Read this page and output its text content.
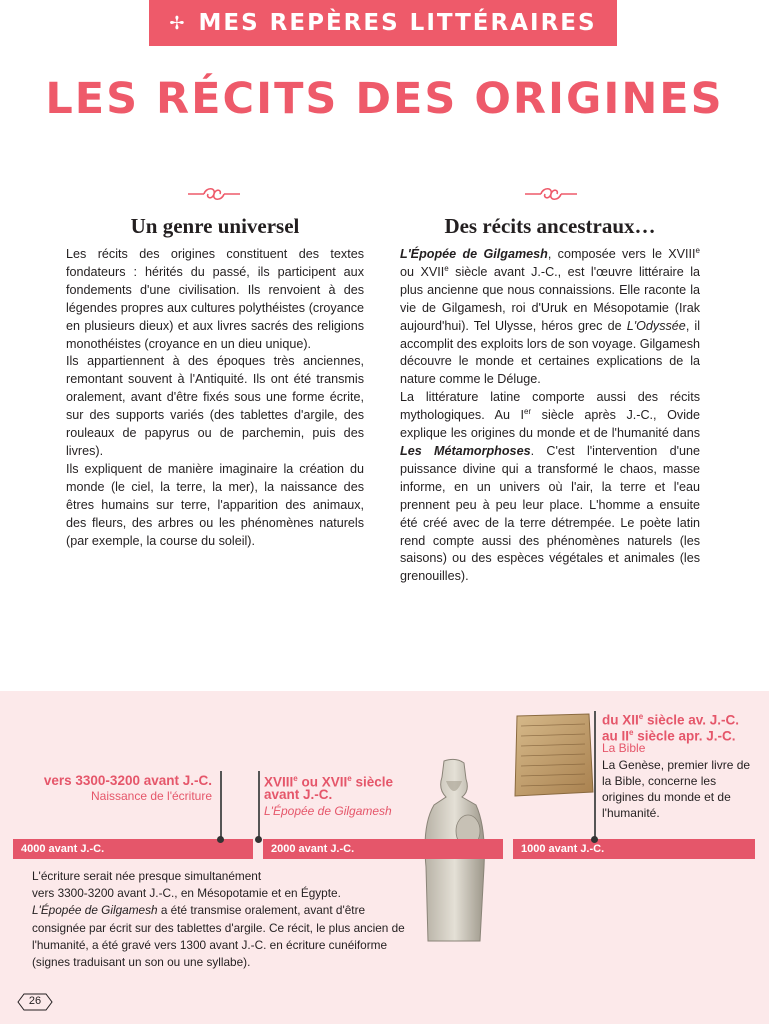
✢ MES REPÈRES LITTÉRAIRES
LES RÉCITS DES ORIGINES
Un genre universel

Les récits des origines constituent des textes fondateurs : hérités du passé, ils participent aux fondements d'une civilisation. Ils renvoient à des légendes propres aux cultures polythéistes (croyance en plusieurs dieux) et aux livres sacrés des religions monothéistes (croyance en un dieu unique).

Ils appartiennent à des époques très anciennes, remontant souvent à l'Antiquité. Ils ont été transmis oralement, avant d'être fixés sous une forme écrite, sur des supports variés (des tablettes d'argile, des rouleaux de papyrus ou de parchemin, puis des livres).

Ils expliquent de manière imaginaire la création du monde (le ciel, la terre, la mer), la naissance des êtres humains sur terre, l'apparition des animaux, des fleurs, des arbres ou les phénomènes naturels (par exemple, la course du soleil).

Des récits ancestraux…

L'Épopée de Gilgamesh, composée vers le XVIIIe ou XVIIe siècle avant J.-C., est l'œuvre littéraire la plus ancienne que nous connaissions. Elle raconte la vie de Gilgamesh, roi d'Uruk en Mésopotamie (Irak aujourd'hui). Tel Ulysse, héros grec de L'Odyssée, il accomplit des exploits lors de son voyage. Gilgamesh découvre le monde et certaines explications de la nature comme le Déluge.

La littérature latine comporte aussi des récits mythologiques. Au Ier siècle après J.-C., Ovide explique les origines du monde et de l'humanité dans Les Métamorphoses. C'est l'intervention d'une puissance divine qui a transformé le chaos, masse informe, en un univers où l'air, la terre et l'eau prennent peu à peu leur place. L'homme a ensuite été créé avec de la terre détrempée. Le poète latin rend compte aussi des phénomènes naturels (les saisons) ou des espèces végétales et animales (les grenouilles).

4000 avant J.-C.	2000 avant J.-C.	1000 avant J.-C.
vers 3300-3200 avant J.-C.
Naissance de l'écriture
XVIIIe ou XVIIe siècle
avant J.-C.
L'Épopée de Gilgamesh
du XIIe siècle av. J.-C.
au IIe siècle apr. J.-C.
La Bible
La Genèse, premier livre de la Bible, concerne les origines du monde et de l'humanité.

L'écriture serait née presque simultanément

vers 3300-3200 avant J.-C., en Mésopotamie et en Égypte.

L'Épopée de Gilgamesh a été transmise oralement, avant d'être consignée par écrit sur des tablettes d'argile. Ce récit, le plus ancien de l'humanité, a été gravé vers 1300 avant J.-C. en écriture cunéiforme (signes traduisant un son ou une syllabe).

26
